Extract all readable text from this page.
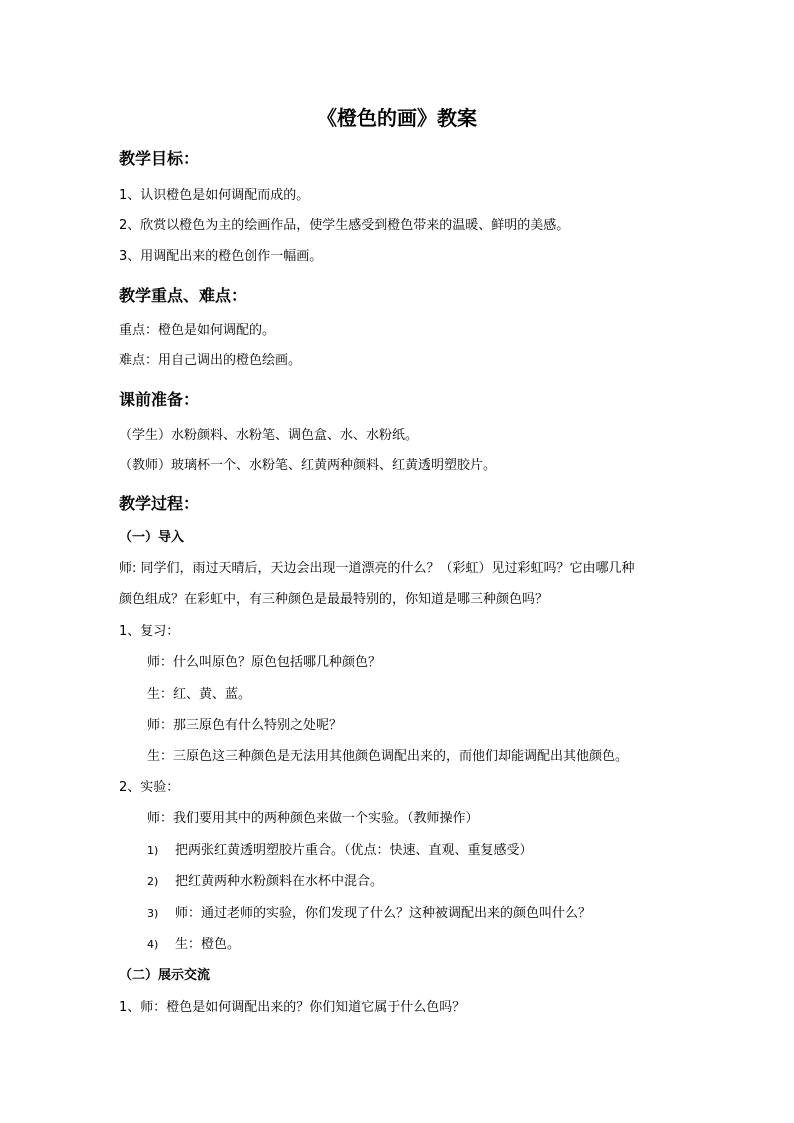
《橙色的画》教案
教学目标：
1、认识橙色是如何调配而成的。
2、欣赏以橙色为主的绘画作品，使学生感受到橙色带来的温暖、鲜明的美感。
3、用调配出来的橙色创作一幅画。
教学重点、难点：
重点：橙色是如何调配的。
难点：用自己调出的橙色绘画。
课前准备：
（学生）水粉颜料、水粉笔、调色盒、水、水粉纸。
（教师）玻璃杯一个、水粉笔、红黄两种颜料、红黄透明塑胶片。
教学过程：
（一）导入
师: 同学们，雨过天晴后，天边会出现一道漂亮的什么？（彩虹）见过彩虹吗？它由哪几种
颜色组成？在彩虹中，有三种颜色是最最特别的，你知道是哪三种颜色吗？
1、复习：
师：什么叫原色？原色包括哪几种颜色？
生：红、黄、蓝。
师：那三原色有什么特别之处呢？
生：三原色这三种颜色是无法用其他颜色调配出来的，而他们却能调配出其他颜色。
2、实验：
师：我们要用其中的两种颜色来做一个实验。（教师操作）
1) 把两张红黄透明塑胶片重合。（优点：快速、直观、重复感受）
2) 把红黄两种水粉颜料在水杯中混合。
3) 师：通过老师的实验，你们发现了什么？这种被调配出来的颜色叫什么？
4) 生：橙色。
（二）展示交流
1、师：橙色是如何调配出来的？你们知道它属于什么色吗？
